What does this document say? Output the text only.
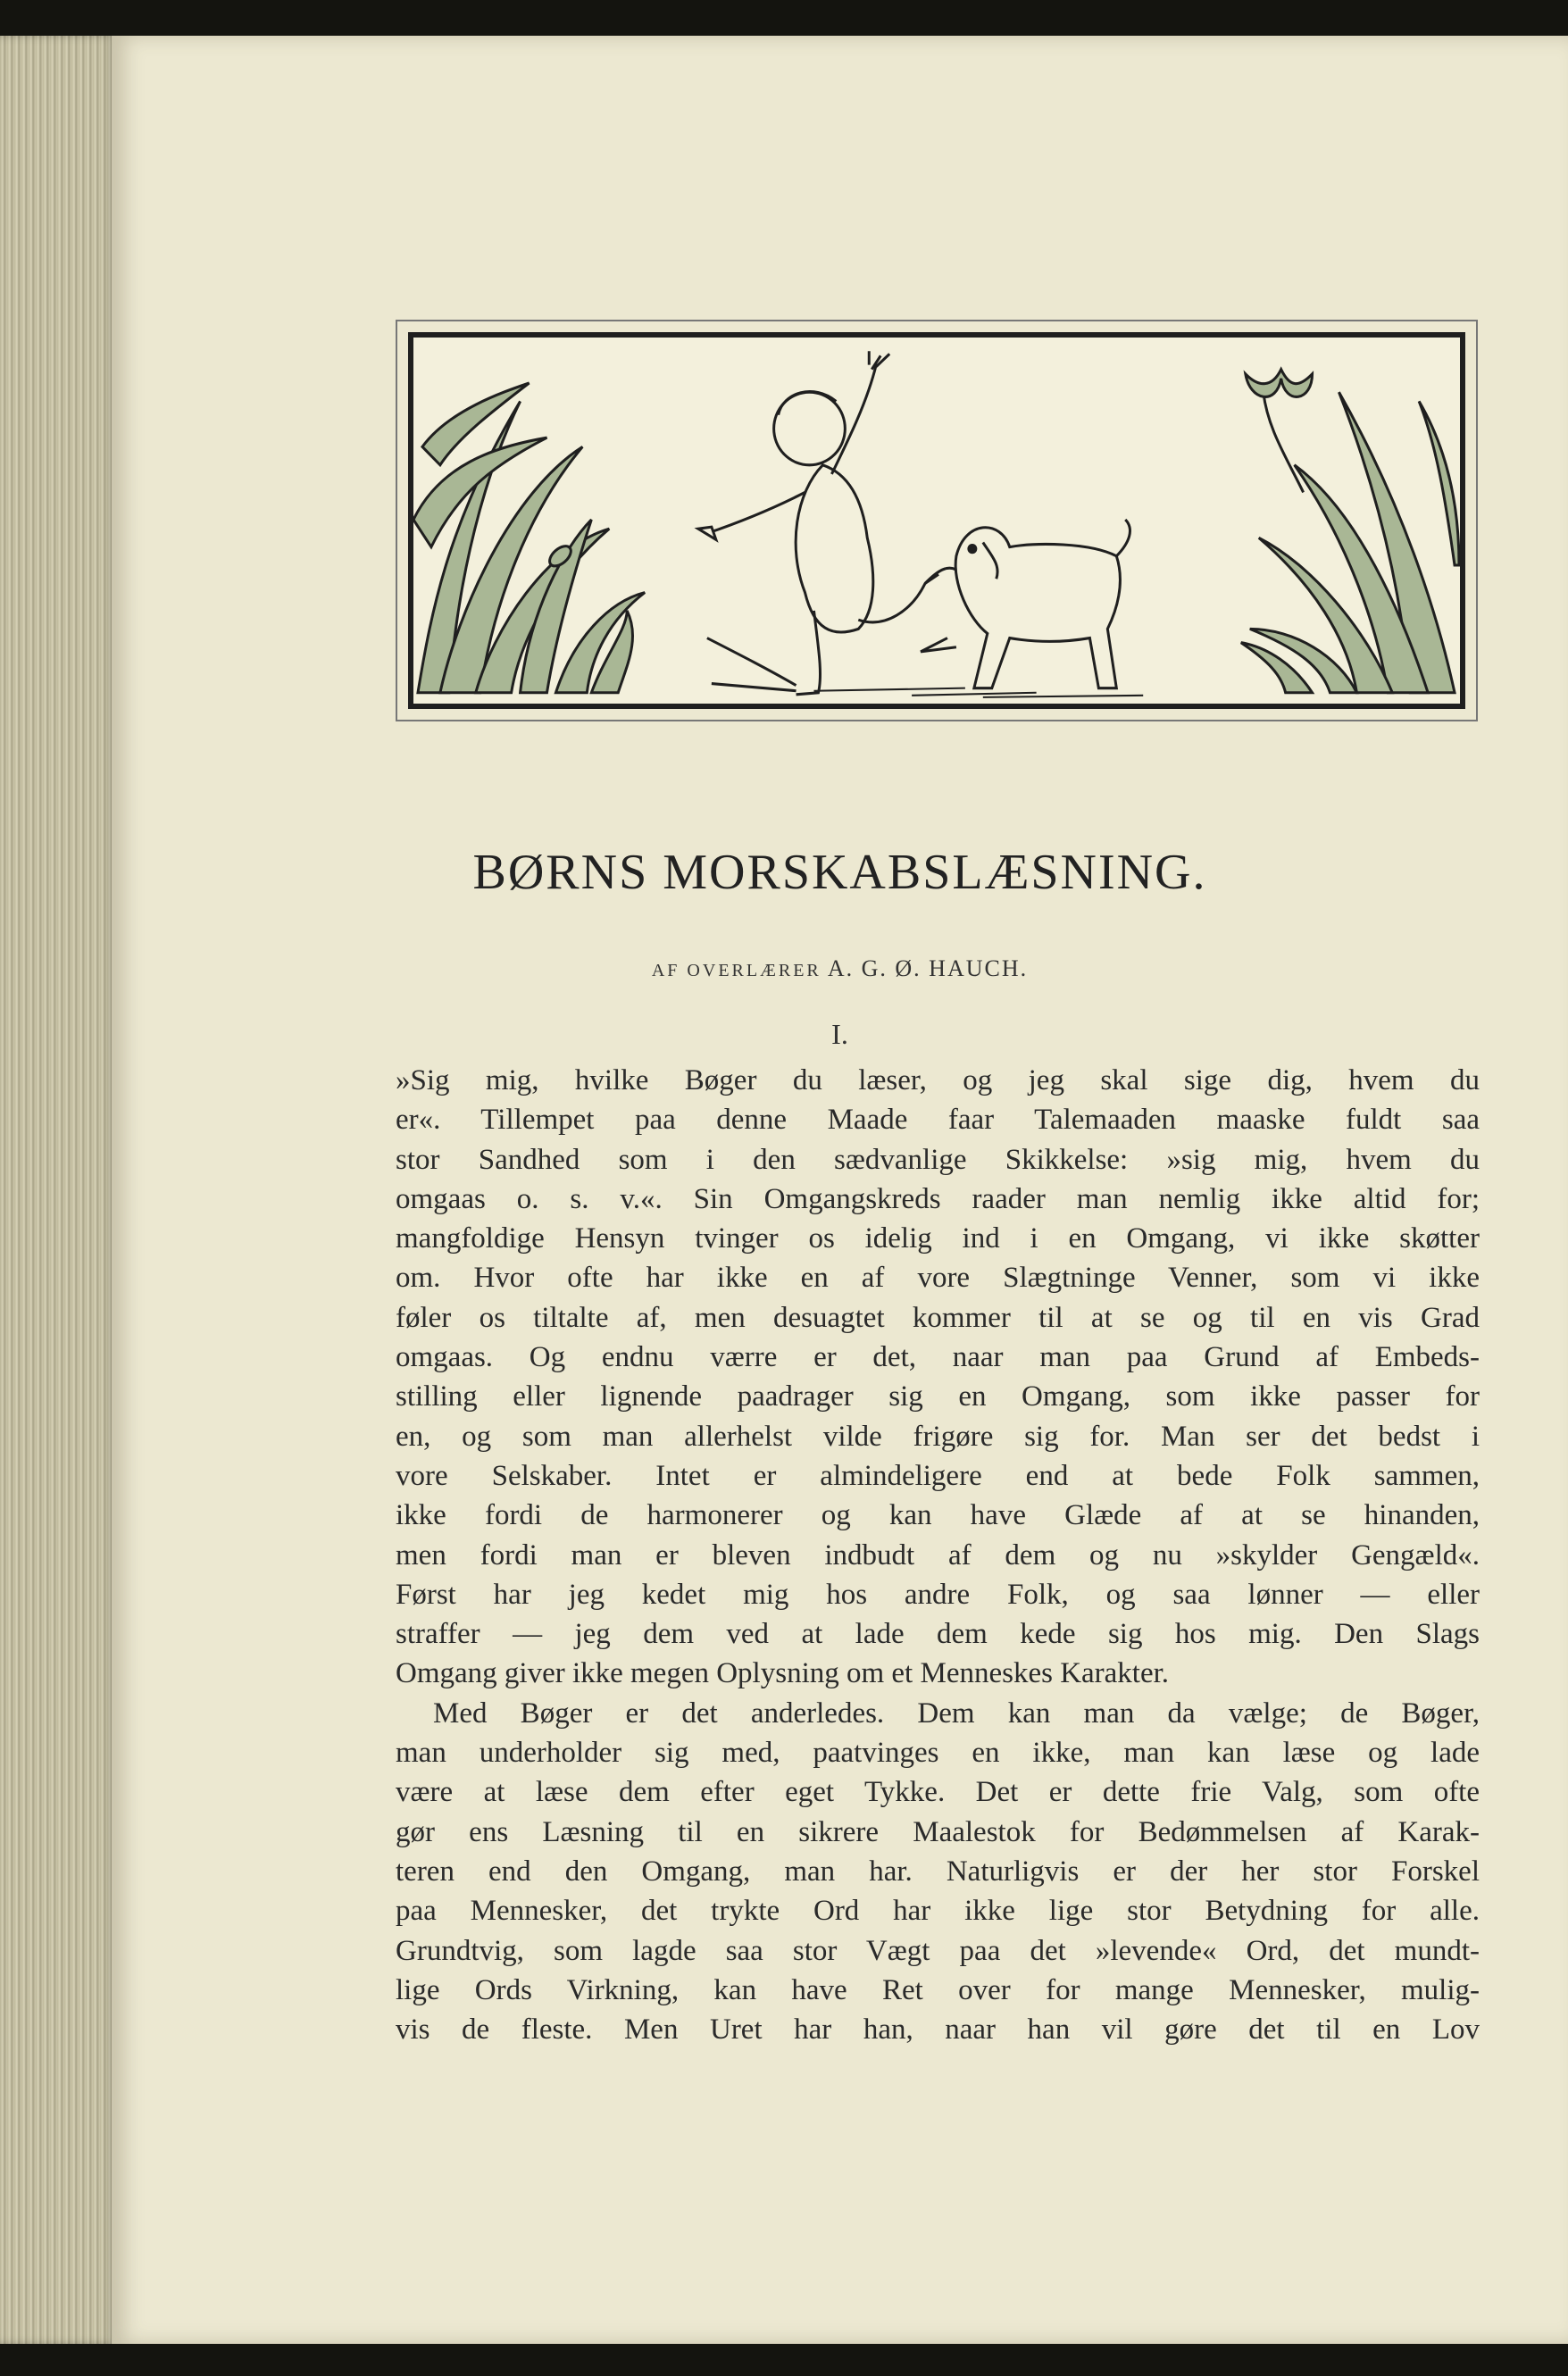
BØRNS MORSKABSLÆSNING.
AF OVERLÆRER A. G. Ø. HAUCH.
I.
»Sig mig, hvilke Bøger du læser, og jeg skal sige dig, hvem du
er«. Tillempet paa denne Maade faar Talemaaden maaske fuldt saa
stor Sandhed som i den sædvanlige Skikkelse: »sig mig, hvem du
omgaas o. s. v.«. Sin Omgangskreds raader man nemlig ikke altid for;
mangfoldige Hensyn tvinger os idelig ind i en Omgang, vi ikke skøtter
om. Hvor ofte har ikke en af vore Slægtninge Venner, som vi ikke
føler os tiltalte af, men desuagtet kommer til at se og til en vis Grad
omgaas. Og endnu værre er det, naar man paa Grund af Embeds-
stilling eller lignende paadrager sig en Omgang, som ikke passer for
en, og som man allerhelst vilde frigøre sig for. Man ser det bedst i
vore Selskaber. Intet er almindeligere end at bede Folk sammen,
ikke fordi de harmonerer og kan have Glæde af at se hinanden,
men fordi man er bleven indbudt af dem og nu »skylder Gengæld«.
Først har jeg kedet mig hos andre Folk, og saa lønner — eller
straffer — jeg dem ved at lade dem kede sig hos mig. Den Slags
Omgang giver ikke megen Oplysning om et Menneskes Karakter.
Med Bøger er det anderledes. Dem kan man da vælge; de Bøger,
man underholder sig med, paatvinges en ikke, man kan læse og lade
være at læse dem efter eget Tykke. Det er dette frie Valg, som ofte
gør ens Læsning til en sikrere Maalestok for Bedømmelsen af Karak-
teren end den Omgang, man har. Naturligvis er der her stor Forskel
paa Mennesker, det trykte Ord har ikke lige stor Betydning for alle.
Grundtvig, som lagde saa stor Vægt paa det »levende« Ord, det mundt-
lige Ords Virkning, kan have Ret over for mange Mennesker, mulig-
vis de fleste. Men Uret har han, naar han vil gøre det til en Lov
